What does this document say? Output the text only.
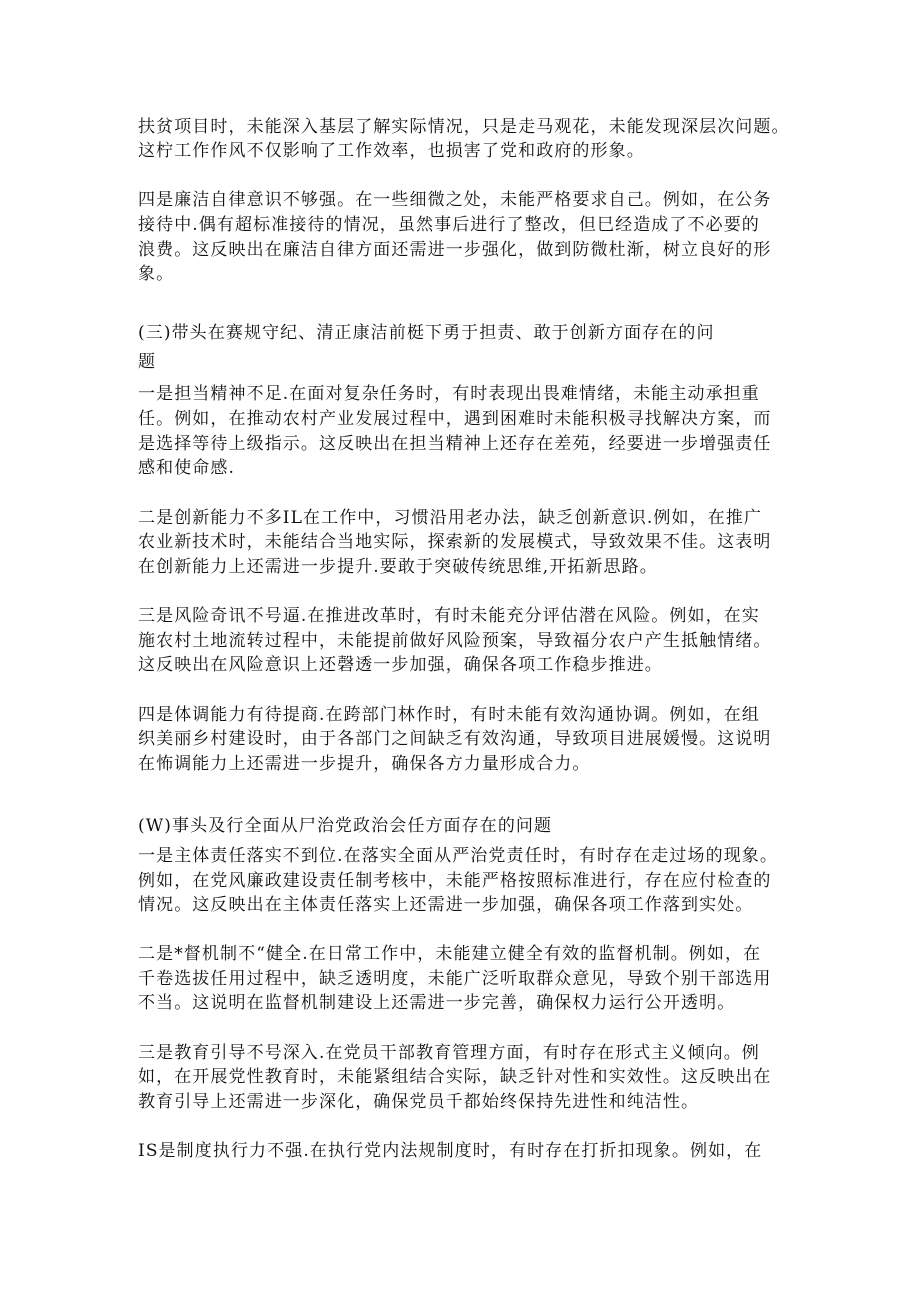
扶贫项目时，未能深入基层了解实际情况，只是走马观花，未能发现深层次问题。

这柠工作作风不仅影响了工作效率，也损害了党和政府的形象。

四是廉洁自律意识不够强。在一些细微之处，未能严格要求自己。例如，在公务

接待中.偶有超标准接待的情况，虽然事后进行了整改，但巳经造成了不必要的

浪费。这反映出在廉洁自律方面还需进一步强化，做到防微杜渐，树立良好的形

象。

(三)带头在赛规守纪、清正康洁前梃下勇于担责、敢于创新方面存在的问

题

一是担当精神不足.在面对复杂任务时，有时表现出畏难情绪，未能主动承担重

任。例如，在推动农村产业发展过程中，遇到困难时未能积极寻找解决方案，而

是选择等待上级指示。这反映出在担当精神上还存在差苑，经要进一步增强责任

感和使命感.

二是创新能力不多IL在工作中，习惯沿用老办法，缺乏创新意识.例如，在推广

农业新技术时，未能结合当地实际，探索新的发展模式，导致效果不佳。这表明

在创新能力上还需进一步提升.要敢于突破传统思维,开拓新思路。

三是风险奇讯不号逼.在推进改革时，有时未能充分评估潜在风险。例如，在实

施农村土地流转过程中，未能提前做好风险预案，导致福分农户产生抵触情绪。

这反映出在风险意识上还磬透一步加强，确保各项工作稳步推进。

四是体调能力有待提商.在跨部门林作时，有时未能有效沟通协调。例如，在组

织美丽乡村建设时，由于各部门之间缺乏有效沟通，导致项目进展媛慢。这说明

在怖调能力上还需进一步提升，确保各方力量形成合力。

(W)事头及行全面从尸治党政治会任方面存在的问题

一是主体责任落实不到位.在落实全面从严治党责任时，有时存在走过场的现象。

例如，在党风廉政建设责任制考核中，未能严格按照标准进行，存在应付检查的

情况。这反映出在主体责任落实上还需进一步加强，确保各项工作落到实处。

二是*督机制不“健全.在日常工作中，未能建立健全有效的监督机制。例如，在

千卷选拔任用过程中，缺乏透明度，未能广泛听取群众意见，导致个别干部选用

不当。这说明在监督机制建设上还需进一步完善，确保权力运行公开透明。

三是教育引导不号深入.在党员干部教育管理方面，有时存在形式主义倾向。例

如，在开展党性教育时，未能紧组结合实际，缺乏针对性和实效性。这反映出在

教育引导上还需进一步深化，确保党员千都始终保持先进性和纯洁性。

IS是制度执行力不强.在执行党内法规制度时，有时存在打折扣现象。例如，在
